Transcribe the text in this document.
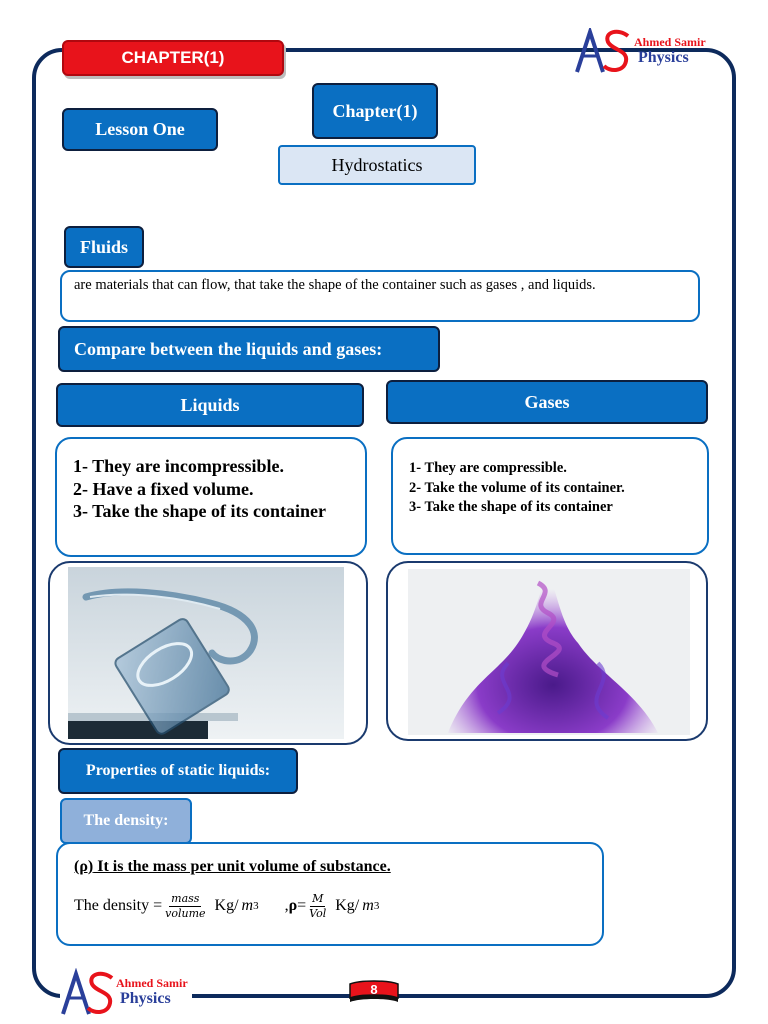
CHAPTER(1)
Ahmed Samir
Physics
Lesson One
Chapter(1)
Hydrostatics
Fluids
are materials that can flow, that take the shape of the container such as gases , and liquids.
Compare between the liquids and gases:
Liquids	Gases
1- They are incompressible.
2- Have a fixed volume.
3- Take the shape of its container
1- They are compressible.
2- Take the volume of its container.
3- Take the shape of its container
Properties of static liquids:
The density:
(ρ) It is the mass per unit volume of substance.
The density = $\frac{\text{mass}}{\text{volume}} Kg/$ m 3 , $\rho = \frac{M}{\text{Vol}} Kg/$ m 3
Ahmed Samir
Physics
8
